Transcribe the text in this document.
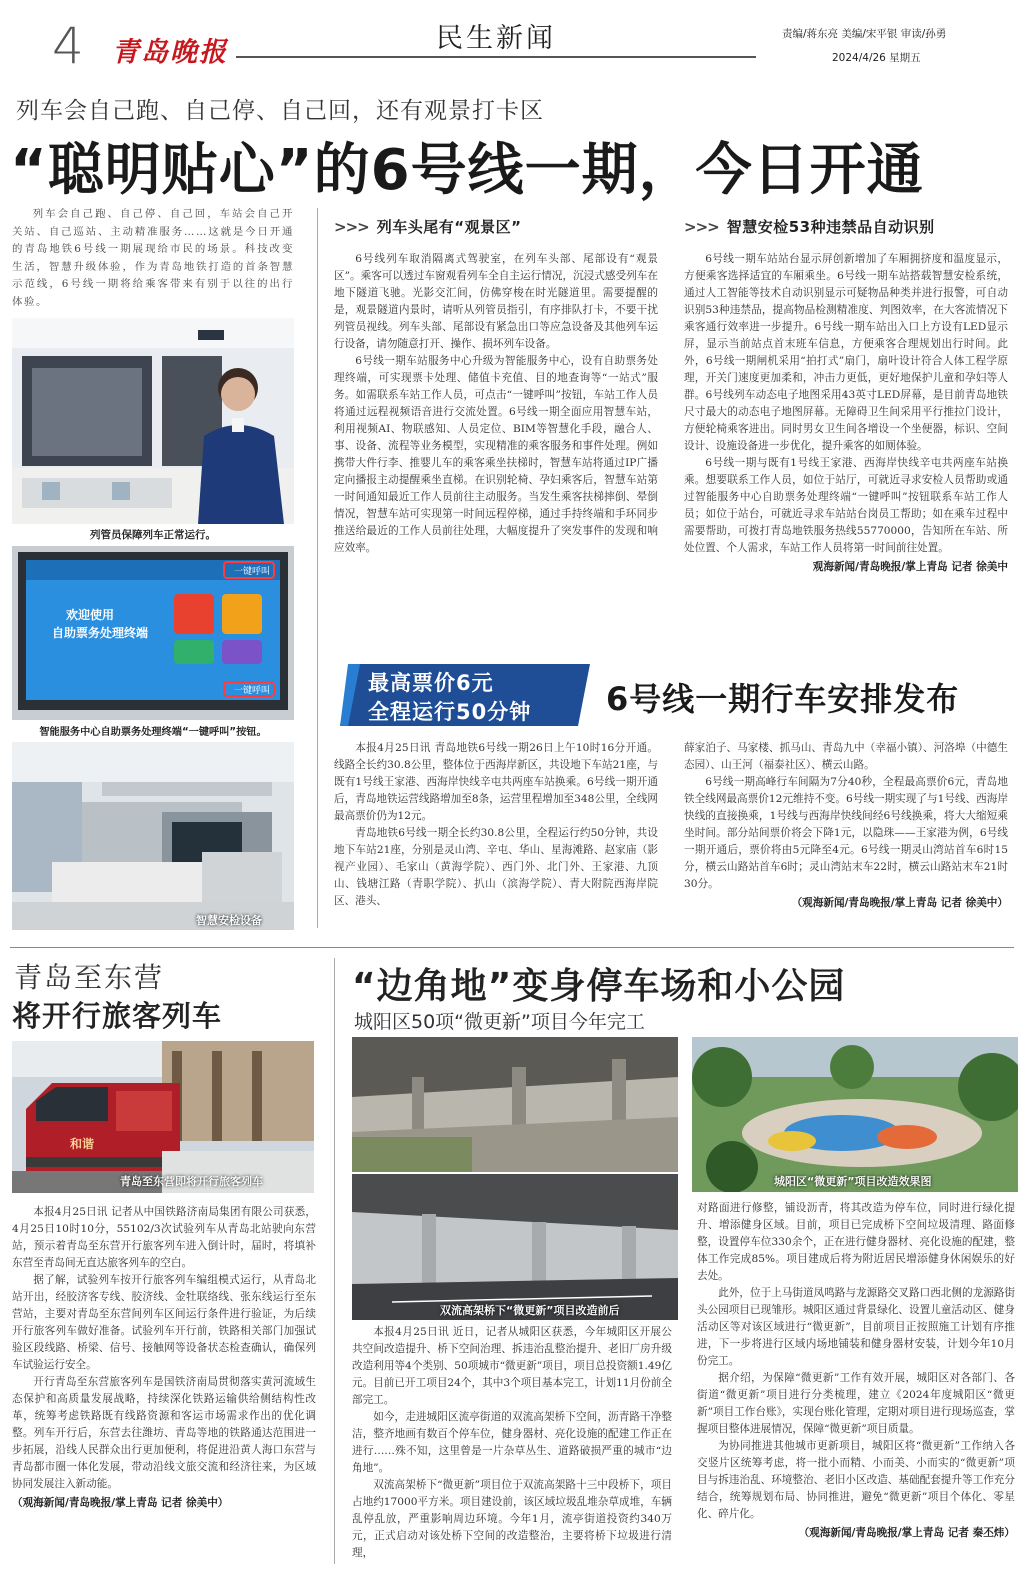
4 青岛晚报	民生新闻	责编/蒋东亮 美编/宋平银 审读/孙勇
2024/4/26 星期五
列车会自己跑、自己停、自己回，还有观景打卡区
“聪明贴心”的6号线一期，今日开通

列车会自己跑、自己停、自己回，车站会自己开关站、自己巡站、主动精准服务……这就是今日开通的青岛地铁6号线一期展现给市民的场景。科技改变生活，智慧升级体验，作为青岛地铁打造的首条智慧示范线，6号线一期将给乘客带来有别于以往的出行体验。

列管员保障列车正常运行。
一键呼叫
欢迎使用
自助票务处理终端
一键呼叫
智能服务中心自助票务处理终端“一键呼叫”按钮。
智慧安检设备
>>> 列车头尾有“观景区”

6号线列车取消隔离式驾驶室，在列车头部、尾部设有“观景区”。乘客可以透过车窗观看列车全自主运行情况，沉浸式感受列车在地下隧道飞驰。光影交汇间，仿佛穿梭在时光隧道里。需要提醒的是，观景隧道内景时，请听从列管员指引，有序排队打卡，不要干扰列管员视线。列车头部、尾部设有紧急出口等应急设备及其他列车运行设备，请勿随意打开、操作、损坏列车设备。

6号线一期车站服务中心升级为智能服务中心，设有自助票务处理终端，可实现票卡处理、储值卡充值、目的地查询等“一站式”服务。如需联系车站工作人员，可点击“一键呼叫”按钮，车站工作人员将通过远程视频语音进行交流处置。6号线一期全面应用智慧车站，利用视频AI、物联感知、人员定位、BIM等智慧化手段，融合人、事、设备、流程等业务模型，实现精准的乘客服务和事件处理。例如携带大件行李、推婴儿车的乘客乘坐扶梯时，智慧车站将通过IP广播定向播报主动提醒乘坐直梯。在识别轮椅、孕妇乘客后，智慧车站第一时间通知最近工作人员前往主动服务。当发生乘客扶梯摔倒、晕倒情况，智慧车站可实现第一时间远程停梯，通过手持终端和手环同步推送给最近的工作人员前往处理，大幅度提升了突发事件的发现和响应效率。

>>> 智慧安检53种违禁品自动识别

6号线一期车站站台显示屏创新增加了车厢拥挤度和温度显示，方便乘客选择适宜的车厢乘坐。6号线一期车站搭载智慧安检系统，通过人工智能等技术自动识别显示可疑物品种类并进行报警，可自动识别53种违禁品，提高物品检测精准度、判图效率，在大客流情况下乘客通行效率进一步提升。6号线一期车站出入口上方设有LED显示屏，显示当前站点首末班车信息，方便乘客合理规划出行时间。此外，6号线一期闸机采用“拍打式”扇门，扇叶设计符合人体工程学原理，开关门速度更加柔和，冲击力更低，更好地保护儿童和孕妇等人群。6号线列车动态电子地图采用43英寸LED屏幕，是目前青岛地铁尺寸最大的动态电子地图屏幕。无障碍卫生间采用平行推拉门设计，方便轮椅乘客进出。同时男女卫生间各增设一个坐便器，标识、空间设计、设施设备进一步优化，提升乘客的如厕体验。

6号线一期与既有1号线王家港、西海岸快线辛屯共两座车站换乘。想要联系工作人员，如位于站厅，可就近寻求安检人员帮助或通过智能服务中心自助票务处理终端“一键呼叫”按钮联系车站工作人员；如位于站台，可就近寻求车站站台岗员工帮助；如在乘车过程中需要帮助，可拨打青岛地铁服务热线55770000，告知所在车站、所处位置、个人需求，车站工作人员将第一时间前往处置。

观海新闻/青岛晚报/掌上青岛 记者 徐美中
最高票价6元
全程运行50分钟 6号线一期行车安排发布

本报4月25日讯 青岛地铁6号线一期26日上午10时16分开通。线路全长约30.8公里，整体位于西海岸新区，共设地下车站21座，与既有1号线王家港、西海岸快线辛屯共两座车站换乘。6号线一期开通后，青岛地铁运营线路增加至8条，运营里程增加至348公里，全线网最高票价仍为12元。

青岛地铁6号线一期全长约30.8公里，全程运行约50分钟，共设地下车站21座，分别是灵山湾、辛屯、华山、星海滩路、赵家庙（影视产业园）、毛家山（黄海学院）、西门外、北门外、王家港、九顶山、钱塘江路（青职学院）、扒山（滨海学院）、青大附院西海岸院区、港头、

薛家泊子、马家楼、抓马山、青岛九中（幸福小镇）、河洛埠（中德生态园）、山王河（福泰社区）、横云山路。

6号线一期高峰行车间隔为7分40秒，全程最高票价6元，青岛地铁全线网最高票价12元维持不变。6号线一期实现了与1号线、西海岸快线的直接换乘，1号线与西海岸快线间经6号线换乘，将大大缩短乘坐时间。部分站间票价将会下降1元，以隐珠——王家港为例，6号线一期开通后，票价将由5元降至4元。6号线一期灵山湾站首车6时15分，横云山路站首车6时；灵山湾站末车22时，横云山路站末车21时30分。

（观海新闻/青岛晚报/掌上青岛 记者 徐美中）
青岛至东营
将开行旅客列车
和谐
青岛至东营即将开行旅客列车

本报4月25日讯 记者从中国铁路济南局集团有限公司获悉，4月25日10时10分，55102/3次试验列车从青岛北站驶向东营站，预示着青岛至东营开行旅客列车进入倒计时，届时，将填补东营至青岛间无直达旅客列车的空白。

据了解，试验列车按开行旅客列车编组模式运行，从青岛北站开出，经胶济客专线、胶济线、金牡联络线、张东线运行至东营站，主要对青岛至东营间列车区间运行条件进行验证，为后续开行旅客列车做好准备。试验列车开行前，铁路相关部门加强试验区段线路、桥梁、信号、接触网等设备状态检查确认，确保列车试验运行安全。

开行青岛至东营旅客列车是国铁济南局贯彻落实黄河流域生态保护和高质量发展战略，持续深化铁路运输供给侧结构性改革，统筹考虑铁路既有线路资源和客运市场需求作出的优化调整。列车开行后，东营去往潍坊、青岛等地的铁路通达范围进一步拓展，沿线人民群众出行更加便利，将促进沿黄人海口东营与青岛都市圈一体化发展，带动沿线文旅交流和经济往来，为区域协同发展注入新动能。

（观海新闻/青岛晚报/掌上青岛 记者 徐美中）
“边角地”变身停车场和小公园
城阳区50项“微更新”项目今年完工
双流高架桥下“微更新”项目改造前后
城阳区“微更新”项目改造效果图

本报4月25日讯 近日，记者从城阳区获悉，今年城阳区开展公共空间改造提升、桥下空间治理、拆违治乱整治提升、老旧厂房升级改造利用等4个类别、50项城市“微更新”项目，项目总投资额1.49亿元。目前已开工项目24个，其中3个项目基本完工，计划11月份前全部完工。

如今，走进城阳区流亭街道的双流高架桥下空间，沥青路干净整洁，整齐地画有数百个停车位，健身器材、亮化设施的配建工作正在进行……殊不知，这里曾是一片杂草丛生、道路破损严重的城市“边角地”。

双流高架桥下“微更新”项目位于双流高架路十三中段桥下，项目占地约17000平方米。项目建设前，该区域垃圾乱堆杂草成堆，车辆乱停乱放，严重影响周边环境。今年1月，流亭街道投资约340万元，正式启动对该处桥下空间的改造整治，主要将桥下垃圾进行清理，

对路面进行修整，铺设沥青，将其改造为停车位，同时进行绿化提升、增添健身区域。目前，项目已完成桥下空间垃圾清理、路面修整，设置停车位330余个，正在进行健身器材、亮化设施的配建，整体工作完成85%。项目建成后将为附近居民增添健身休闲娱乐的好去处。

此外，位于上马街道凤鸣路与龙源路交叉路口西北侧的龙源路街头公园项目已现雏形。城阳区通过背景绿化、设置儿童活动区、健身活动区等对该区域进行“微更新”，目前项目正按照施工计划有序推进，下一步将进行区域内场地铺装和健身器材安装，计划今年10月份完工。

据介绍，为保障“微更新”工作有效开展，城阳区对各部门、各街道“微更新”项目进行分类梳理，建立《2024年度城阳区“微更新”项目工作台账》，实现台账化管理，定期对项目进行现场巡查，掌握项目整体进展情况，保障“微更新”项目质量。

为协同推进其他城市更新项目，城阳区将“微更新”工作纳入各交竖片区统筹考虑，将一批小而精、小而美、小而实的“微更新”项目与拆违治乱、环境整治、老旧小区改造、基础配套提升等工作充分结合，统筹规划布局、协同推进，避免“微更新”项目个体化、零星化、碎片化。

（观海新闻/青岛晚报/掌上青岛 记者 秦丕炜）
